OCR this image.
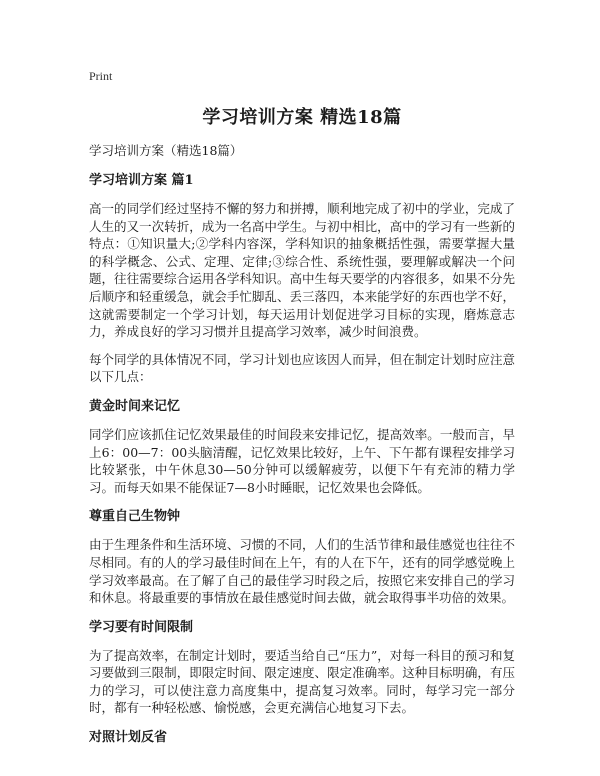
Print

学习培训方案 精选18篇

学习培训方案（精选18篇）

学习培训方案 篇1

高一的同学们经过坚持不懈的努力和拼搏，顺利地完成了初中的学业，完成了人生的又一次转折，成为一名高中学生。与初中相比，高中的学习有一些新的特点：①知识量大;②学科内容深，学科知识的抽象概括性强，需要掌握大量的科学概念、公式、定理、定律;③综合性、系统性强，要理解或解决一个问题，往往需要综合运用各学科知识。高中生每天要学的内容很多，如果不分先后顺序和轻重缓急，就会手忙脚乱、丢三落四，本来能学好的东西也学不好，这就需要制定一个学习计划，每天运用计划促进学习目标的实现，磨炼意志力，养成良好的学习习惯并且提高学习效率，减少时间浪费。

每个同学的具体情况不同，学习计划也应该因人而异，但在制定计划时应注意以下几点：

黄金时间来记忆

同学们应该抓住记忆效果最佳的时间段来安排记忆，提高效率。一般而言，早上6：00—7：00头脑清醒，记忆效果比较好，上午、下午都有课程安排学习比较紧张，中午休息30—50分钟可以缓解疲劳，以便下午有充沛的精力学习。而每天如果不能保证7—8小时睡眠，记忆效果也会降低。

尊重自己生物钟

由于生理条件和生活环境、习惯的不同，人们的生活节律和最佳感觉也往往不尽相同。有的人的学习最佳时间在上午，有的人在下午，还有的同学感觉晚上学习效率最高。在了解了自己的最佳学习时段之后，按照它来安排自己的学习和休息。将最重要的事情放在最佳感觉时间去做，就会取得事半功倍的效果。

学习要有时间限制

为了提高效率，在制定计划时，要适当给自己“压力”，对每一科目的预习和复习要做到三限制，即限定时间、限定速度、限定准确率。这种目标明确，有压力的学习，可以使注意力高度集中，提高复习效率。同时，每学习完一部分时，都有一种轻松感、愉悦感，会更充满信心地复习下去。

对照计划反省
